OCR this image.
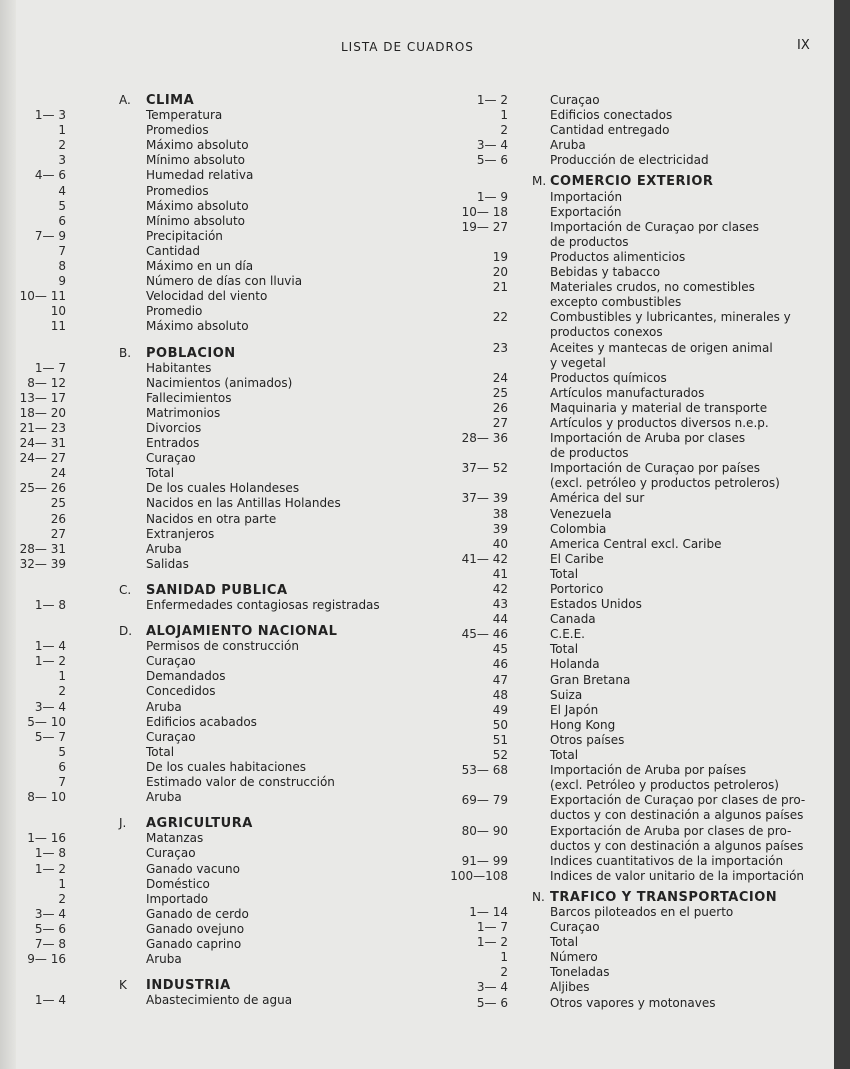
LISTA DE CUADROS	IX
A. CLIMA
1— 3	Temperatura
1	Promedios
2	Máximo absoluto
3	Mínimo absoluto
4— 6	Humedad relativa
4	Promedios
5	Máximo absoluto
6	Mínimo absoluto
7— 9	Precipitación
7	Cantidad
8	Máximo en un día
9	Número de días con lluvia
10— 11	Velocidad del viento
10	Promedio
11	Máximo absoluto
B. POBLACION
1— 7	Habitantes
8— 12	Nacimientos (animados)
13— 17	Fallecimientos
18— 20	Matrimonios
21— 23	Divorcios
24— 31	Entrados
24— 27	Curaçao
24	Total
25— 26	De los cuales Holandeses
25	Nacidos en las Antillas Holandes
26	Nacidos en otra parte
27	Extranjeros
28— 31	Aruba
32— 39	Salidas
C. SANIDAD PUBLICA
1— 8	Enfermedades contagiosas registradas
D. ALOJAMIENTO NACIONAL
1— 4	Permisos de construcción
1— 2	Curaçao
1	Demandados
2	Concedidos
3— 4	Aruba
5— 10	Edificios acabados
5— 7	Curaçao
5	Total
6	De los cuales habitaciones
7	Estimado valor de construcción
8— 10	Aruba
J. AGRICULTURA
1— 16	Matanzas
1— 8	Curaçao
1— 2	Ganado vacuno
1	Doméstico
2	Importado
3— 4	Ganado de cerdo
5— 6	Ganado ovejuno
7— 8	Ganado caprino
9— 16	Aruba
K INDUSTRIA
1— 4	Abastecimiento de agua
1— 2	Curaçao
1	Edificios conectados
2	Cantidad entregado
3— 4	Aruba
5— 6	Producción de electricidad
M. COMERCIO EXTERIOR
1— 9	Importación
10— 18	Exportación
19— 27	Importación de Curaçao por clases
de productos
19	Productos alimenticios
20	Bebidas y tabacco
21	Materiales crudos, no comestibles
excepto combustibles
22	Combustibles y lubricantes, minerales y
productos conexos
23	Aceites y mantecas de origen animal
y vegetal
24	Productos químicos
25	Artículos manufacturados
26	Maquinaria y material de transporte
27	Artículos y productos diversos n.e.p.
28— 36	Importación de Aruba por clases
de productos
37— 52	Importación de Curaçao por países
(excl. petróleo y productos petroleros)
37— 39	América del sur
38	Venezuela
39	Colombia
40	America Central excl. Caribe
41— 42	El Caribe
41	Total
42	Portorico
43	Estados Unidos
44	Canada
45— 46	C.E.E.
45	Total
46	Holanda
47	Gran Bretana
48	Suiza
49	El Japón
50	Hong Kong
51	Otros países
52	Total
53— 68	Importación de Aruba por países
(excl. Petróleo y productos petroleros)
69— 79	Exportación de Curaçao por clases de pro-
ductos y con destinación a algunos países
80— 90	Exportación de Aruba por clases de pro-
ductos y con destinación a algunos países
91— 99	Indices cuantitativos de la importación
100—108	Indices de valor unitario de la importación
N. TRAFICO Y TRANSPORTACION
1— 14	Barcos piloteados en el puerto
1— 7	Curaçao
1— 2	Total
1	Número
2	Toneladas
3— 4	Aljibes
5— 6	Otros vapores y motonaves
